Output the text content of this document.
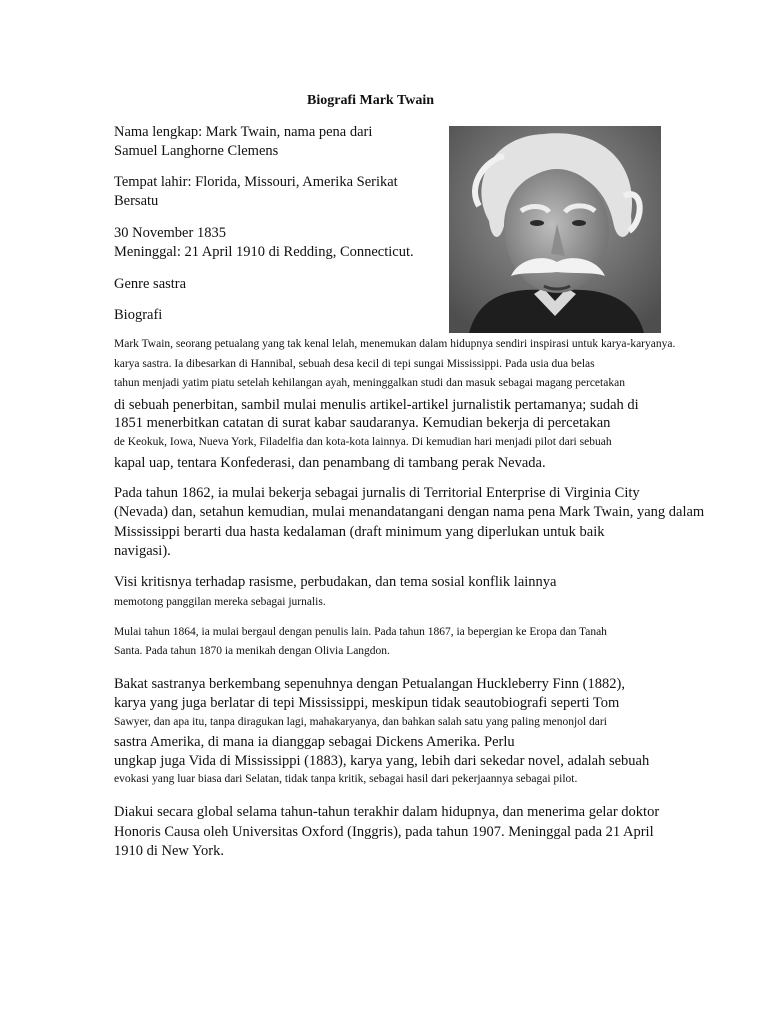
Biografi Mark Twain
Nama lengkap: Mark Twain, nama pena dari
Samuel Langhorne Clemens
Tempat lahir: Florida, Missouri, Amerika Serikat
Bersatu
30 November 1835
Meninggal: 21 April 1910 di Redding, Connecticut.
Genre sastra
Biografi
Mark Twain, seorang petualang yang tak kenal lelah, menemukan dalam hidupnya sendiri inspirasi untuk karya-karyanya.
karya sastra. Ia dibesarkan di Hannibal, sebuah desa kecil di tepi sungai Mississippi. Pada usia dua belas
tahun menjadi yatim piatu setelah kehilangan ayah, meninggalkan studi dan masuk sebagai magang percetakan
di sebuah penerbitan, sambil mulai menulis artikel-artikel jurnalistik pertamanya; sudah di
1851 menerbitkan catatan di surat kabar saudaranya. Kemudian bekerja di percetakan
de Keokuk, Iowa, Nueva York, Filadelfia dan kota-kota lainnya. Di kemudian hari menjadi pilot dari sebuah
kapal uap, tentara Konfederasi, dan penambang di tambang perak Nevada.
Pada tahun 1862, ia mulai bekerja sebagai jurnalis di Territorial Enterprise di Virginia City
(Nevada) dan, setahun kemudian, mulai menandatangani dengan nama pena Mark Twain, yang dalam
Mississippi berarti dua hasta kedalaman (draft minimum yang diperlukan untuk baik
navigasi).
Visi kritisnya terhadap rasisme, perbudakan, dan tema sosial konflik lainnya
memotong panggilan mereka sebagai jurnalis.
Mulai tahun 1864, ia mulai bergaul dengan penulis lain. Pada tahun 1867, ia bepergian ke Eropa dan Tanah
Santa. Pada tahun 1870 ia menikah dengan Olivia Langdon.
Bakat sastranya berkembang sepenuhnya dengan Petualangan Huckleberry Finn (1882),
karya yang juga berlatar di tepi Mississippi, meskipun tidak seautobiografi seperti Tom
Sawyer, dan apa itu, tanpa diragukan lagi, mahakaryanya, dan bahkan salah satu yang paling menonjol dari
sastra Amerika, di mana ia dianggap sebagai Dickens Amerika. Perlu
ungkap juga Vida di Mississippi (1883), karya yang, lebih dari sekedar novel, adalah sebuah
evokasi yang luar biasa dari Selatan, tidak tanpa kritik, sebagai hasil dari pekerjaannya sebagai pilot.
Diakui secara global selama tahun-tahun terakhir dalam hidupnya, dan menerima gelar doktor
Honoris Causa oleh Universitas Oxford (Inggris), pada tahun 1907. Meninggal pada 21 April
1910 di New York.
